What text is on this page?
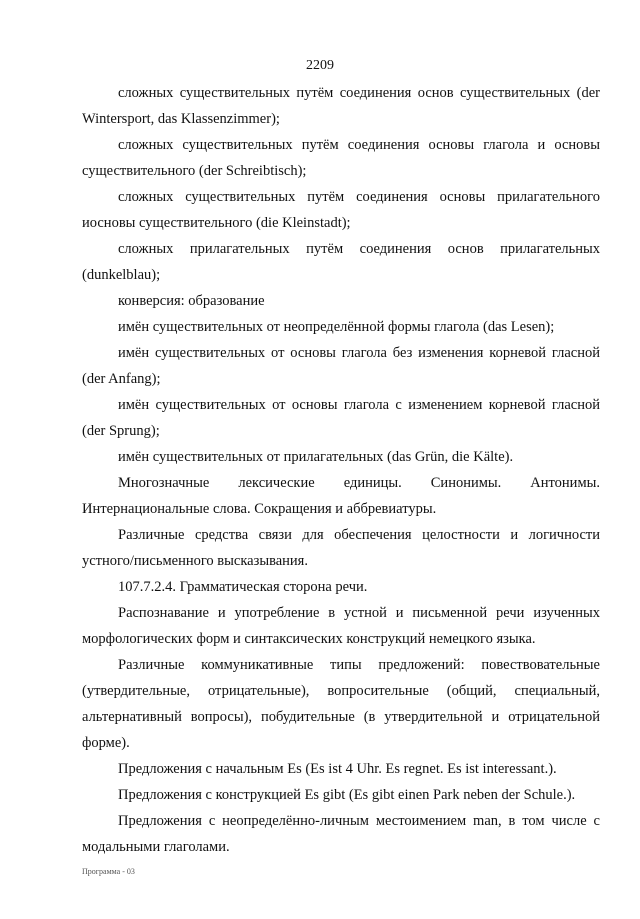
2209

сложных существительных путём соединения основ существительных (der Wintersport, das Klassenzimmer);

сложных существительных путём соединения основы глагола и основы существительного (der Schreibtisch);

сложных существительных путём соединения основы прилагательного иосновы существительного (die Kleinstadt);

сложных прилагательных путём соединения основ прилагательных (dunkelblau);

конверсия: образование

имён существительных от неопределённой формы глагола (das Lesen);

имён существительных от основы глагола без изменения корневой гласной (der Anfang);

имён существительных от основы глагола с изменением корневой гласной (der Sprung);

имён существительных от прилагательных (das Grün, die Kälte).

Многозначные лексические единицы. Синонимы. Антонимы. Интернациональные слова. Сокращения и аббревиатуры.

Различные средства связи для обеспечения целостности и логичности устного/письменного высказывания.

107.7.2.4. Грамматическая сторона речи.

Распознавание и употребление в устной и письменной речи изученных морфологических форм и синтаксических конструкций немецкого языка.

Различные коммуникативные типы предложений: повествовательные (утвердительные, отрицательные), вопросительные (общий, специальный, альтернативный вопросы), побудительные (в утвердительной и отрицательной форме).

Предложения с начальным Es (Es ist 4 Uhr. Es regnet. Es ist interessant.).

Предложения с конструкцией Es gibt (Es gibt einen Park neben der Schule.).

Предложения с неопределённо-личным местоимением man, в том числе с модальными глаголами.

Программа - 03
